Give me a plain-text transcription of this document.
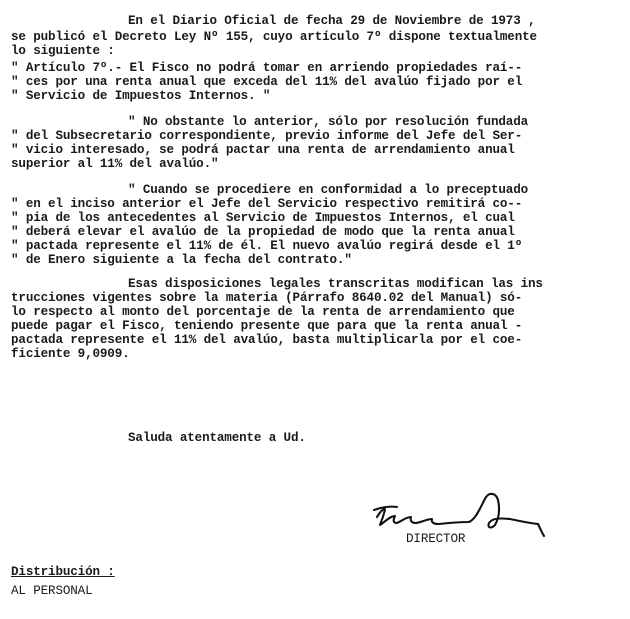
En el Diario Oficial de fecha 29 de Noviembre de 1973 ,
se publicó el Decreto Ley Nº 155, cuyo artículo 7º dispone textualmente
lo siguiente :
" Artículo 7º.- El Fisco no podrá tomar en arriendo propiedades raí--
" ces por una renta anual que exceda del 11% del avalúo fijado por el
" Servicio de Impuestos Internos. "
" No obstante lo anterior, sólo por resolución fundada
" del Subsecretario correspondiente, previo informe del Jefe del Ser-
" vicio interesado, se podrá pactar una renta de arrendamiento anual
superior al 11% del avalúo."
" Cuando se procediere en conformidad a lo preceptuado
" en el inciso anterior el Jefe del Servicio respectivo remitirá co--
" pia de los antecedentes al Servicio de Impuestos Internos, el cual
" deberá elevar el avalúo de la propiedad de modo que la renta anual
" pactada represente el 11% de él. El nuevo avalúo regirá desde el 1º
" de Enero siguiente a la fecha del contrato."
Esas disposiciones legales transcritas modifican las ins
trucciones vigentes sobre la materia (Párrafo 8640.02 del Manual) só-
lo respecto al monto del porcentaje de la renta de arrendamiento que
puede pagar el Fisco, teniendo presente que para que la renta anual -
pactada represente el 11% del avalúo, basta multiplicarla por el coe-
ficiente 9,0909.
Saluda atentamente a Ud.
DIRECTOR
Distribución :
AL PERSONAL
